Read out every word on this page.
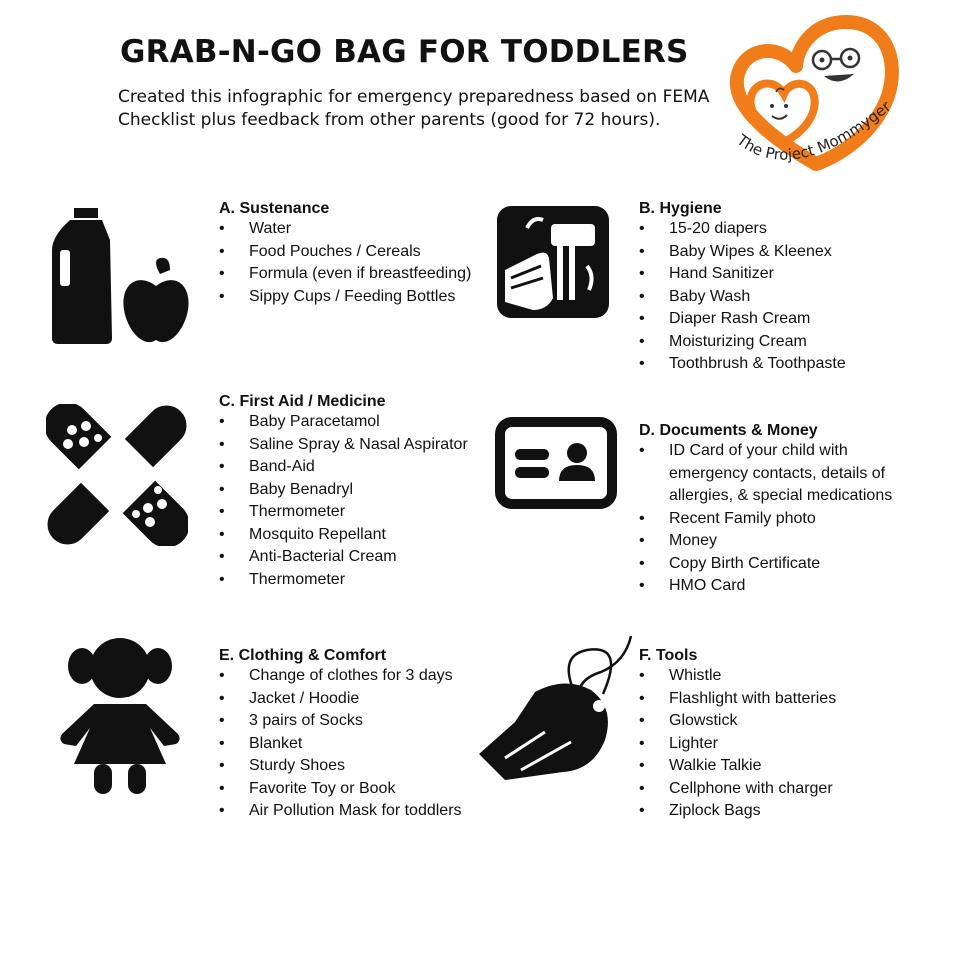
GRAB-N-GO BAG FOR TODDLERS
Created this infographic for emergency preparedness based on FEMA
Checklist plus feedback from other parents (good for 72 hours).
The Project Mommyger
A. Sustenance
• Water
• Food Pouches / Cereals
• Formula (even if breastfeeding)
• Sippy Cups / Feeding Bottles
B. Hygiene
• 15-20 diapers
• Baby Wipes & Kleenex
• Hand Sanitizer
• Baby Wash
• Diaper Rash Cream
• Moisturizing Cream
• Toothbrush & Toothpaste
C. First Aid / Medicine
• Baby Paracetamol
• Saline Spray & Nasal Aspirator
• Band-Aid
• Baby Benadryl
• Thermometer
• Mosquito Repellant
• Anti-Bacterial Cream
• Thermometer
D. Documents & Money
• ID Card of your child with emergency contacts, details of allergies, & special medications
• Recent Family photo
• Money
• Copy Birth Certificate
• HMO Card
E. Clothing & Comfort
• Change of clothes for 3 days
• Jacket / Hoodie
• 3 pairs of Socks
• Blanket
• Sturdy Shoes
• Favorite Toy or Book
• Air Pollution Mask for toddlers
F. Tools
• Whistle
• Flashlight with batteries
• Glowstick
• Lighter
• Walkie Talkie
• Cellphone with charger
• Ziplock Bags
